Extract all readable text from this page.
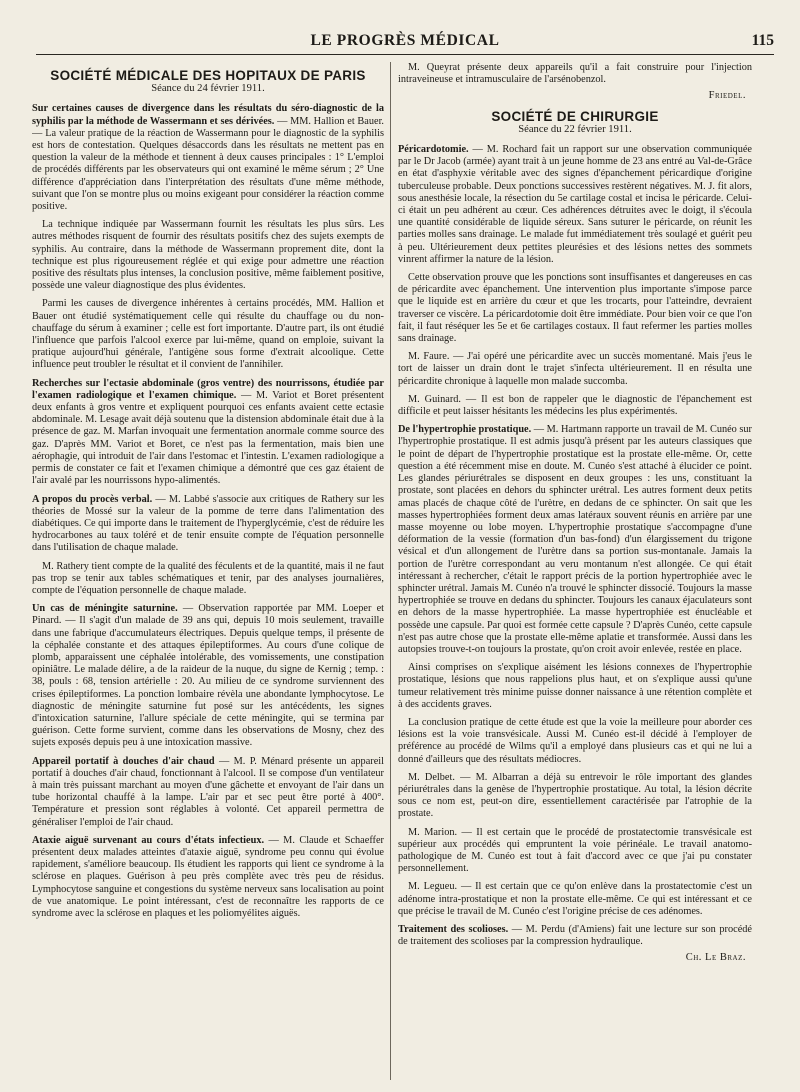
LE PROGRÈS MÉDICAL	115
SOCIÉTÉ MÉDICALE DES HOPITAUX DE PARIS
Séance du 24 février 1911.

Sur certaines causes de divergence dans les résultats du séro-diagnostic de la syphilis par la méthode de Wassermann et ses dérivées. — MM. Hallion et Bauer. — La valeur pratique de la réaction de Wassermann pour le diagnostic de la syphilis est hors de contestation. Quelques désaccords dans les résultats ne mettent pas en question la valeur de la méthode et tiennent à deux causes principales : 1° L'emploi de procédés différents par les observateurs qui ont examiné le même sérum ; 2° Une différence d'appréciation dans l'interprétation des résultats d'une même méthode, suivant que l'on se montre plus ou moins exigeant pour considérer la réaction comme positive.

La technique indiquée par Wassermann fournit les résultats les plus sûrs. Les autres méthodes risquent de fournir des résultats positifs chez des sujets exempts de syphilis. Au contraire, dans la méthode de Wassermann proprement dite, dont la technique est plus rigoureusement réglée et qui exige pour admettre une réaction positive des résultats plus intenses, la conclusion positive, même faiblement positive, possède une valeur diagnostique des plus évidentes.

Parmi les causes de divergence inhérentes à certains procédés, MM. Hallion et Bauer ont étudié systématiquement celle qui résulte du chauffage ou du non-chauffage du sérum à examiner ; celle est fort importante. D'autre part, ils ont étudié l'influence que parfois l'alcool exerce par lui-même, quand on emploie, suivant la pratique aujourd'hui générale, l'antigène sous forme d'extrait alcoolique. Cette influence peut troubler le résultat et il convient de l'annihiler.

Recherches sur l'ectasie abdominale (gros ventre) des nourrissons, étudiée par l'examen radiologique et l'examen chimique. — M. Variot et Boret présentent deux enfants à gros ventre et expliquent pourquoi ces enfants avaient cette ectasie abdominale. M. Lesage avait déjà soutenu que la distension abdominale était due à la présence de gaz. M. Marfan invoquait une fermentation anormale comme source des gaz. D'après MM. Variot et Boret, ce n'est pas la fermentation, mais bien une aérophagie, qui introduit de l'air dans l'estomac et l'intestin. L'examen radiologique a permis de constater ce fait et l'examen chimique a démontré que ces gaz étaient de l'air avalé par les nourrissons hypo-alimentés.

A propos du procès verbal. — M. Labbé s'associe aux critiques de Rathery sur les théories de Mossé sur la valeur de la pomme de terre dans l'alimentation des diabétiques. Ce qui importe dans le traitement de l'hyperglycémie, c'est de réduire les hydrocarbones au taux toléré et de tenir ensuite compte de l'équation personnelle dans l'utilisation de chaque malade.

M. Rathery tient compte de la qualité des féculents et de la quantité, mais il ne faut pas trop se tenir aux tables schématiques et tenir, par des analyses journalières, compte de l'équation personnelle de chaque malade.

Un cas de méningite saturnine. — Observation rapportée par MM. Loeper et Pinard. — Il s'agit d'un malade de 39 ans qui, depuis 10 mois seulement, travaille dans une fabrique d'accumulateurs électriques. Depuis quelque temps, il présente de la céphalée constante et des attaques épileptiformes. Au cours d'une colique de plomb, apparaissent une céphalée intolérable, des vomissements, une constipation opiniâtre. Le malade délire, a de la raideur de la nuque, du signe de Kernig ; temp. : 38, pouls : 68, tension artérielle : 20. Au milieu de ce syndrome surviennent des crises épileptiformes. La ponction lombaire révèla une abondante lymphocytose. Le diagnostic de méningite saturnine fut posé sur les antécédents, les signes d'intoxication saturnine, l'allure spéciale de cette méningite, qui se termina par guérison. Cette forme survient, comme dans les observations de Mosny, chez des sujets exposés depuis peu à une intoxication massive.

Appareil portatif à douches d'air chaud — M. P. Ménard présente un appareil portatif à douches d'air chaud, fonctionnant à l'alcool. Il se compose d'un ventilateur à main très puissant marchant au moyen d'une gâchette et envoyant de l'air dans un tube horizontal chauffé à la lampe. L'air par et sec peut être porté à 400°. Température et pression sont réglables à volonté. Cet appareil permettra de généraliser l'emploi de l'air chaud.

Ataxie aiguë survenant au cours d'états infectieux. — M. Claude et Schaeffer présentent deux malades atteintes d'ataxie aiguë, syndrome peu connu qui évolue rapidement, s'améliore beaucoup. Ils étudient les rapports qui lient ce syndrome à la sclérose en plaques. Guérison à peu près complète avec très peu de résidus. Lymphocytose sanguine et congestions du système nerveux sans localisation au point de vue anatomique. Le point intéressant, c'est de reconnaître les rapports de ce syndrome avec la sclérose en plaques et les poliomyélites aiguës.

M. Queyrat présente deux appareils qu'il a fait construire pour l'injection intraveineuse et intramusculaire de l'arsénobenzol.

Friedel.
SOCIÉTÉ DE CHIRURGIE
Séance du 22 février 1911.

Péricardotomie. — M. Rochard fait un rapport sur une observation communiquée par le Dr Jacob (armée) ayant trait à un jeune homme de 23 ans entré au Val-de-Grâce en état d'asphyxie véritable avec des signes d'épanchement péricardique d'origine tuberculeuse probable. Deux ponctions successives restèrent négatives. M. J. fit alors, sous anesthésie locale, la résection du 5e cartilage costal et incisa le péricarde. Celui-ci était un peu adhérent au cœur. Ces adhérences détruites avec le doigt, il s'écoula une quantité considérable de liquide séreux. Sans suturer le péricarde, on réunit les parties molles sans drainage. Le malade fut immédiatement très soulagé et guérit peu à peu. Ultérieurement deux pettites pleurésies et des lésions nettes des sommets vinrent affirmer la nature de la lésion.

Cette observation prouve que les ponctions sont insuffisantes et dangereuses en cas de péricardite avec épanchement. Une intervention plus importante s'impose parce que le liquide est en arrière du cœur et que les trocarts, pour l'atteindre, devraient traverser ce viscère. La péricardotomie doit être immédiate. Pour bien voir ce que l'on fait, il faut réséquer les 5e et 6e cartilages costaux. Il faut refermer les parties molles sans drainage.

M. Faure. — J'ai opéré une péricardite avec un succès momentané. Mais j'eus le tort de laisser un drain dont le trajet s'infecta ultérieurement. Il en résulta une péricardite chronique à laquelle mon malade succomba.

M. Guinard. — Il est bon de rappeler que le diagnostic de l'épanchement est difficile et peut laisser hésitants les médecins les plus expérimentés.

De l'hypertrophie prostatique. — M. Hartmann rapporte un travail de M. Cunéo sur l'hypertrophie prostatique. Il est admis jusqu'à présent par les auteurs classiques que le point de départ de l'hypertrophie prostatique est la prostate elle-même. Or, cette question a été récemment mise en doute. M. Cunéo s'est attaché à élucider ce point. Les glandes périurétrales se disposent en deux groupes : les uns, constituant la prostate, sont placées en dehors du sphincter urétral. Les autres forment deux petits amas placés de chaque côté de l'urètre, en dedans de ce sphincter. On sait que les masses hypertrophiées forment deux amas latéraux souvent réunis en arrière par une masse moyenne ou lobe moyen. L'hypertrophie prostatique s'accompagne d'une déformation de la vessie (formation d'un bas-fond) d'un élargissement du trigone vésical et d'un allongement de l'urètre dans sa portion sus-montanale. Jamais la portion de l'urètre correspondant au veru montanum n'est allongée. Ce qui était intéressant à rechercher, c'était le rapport précis de la portion hypertrophiée avec le sphincter urétral. Jamais M. Cunéo n'a trouvé le sphincter dissocié. Toujours la masse hypertrophiée se trouve en dedans du sphincter. Toujours les canaux éjaculateurs sont en dehors de la masse hypertrophiée. La masse hypertrophiée est énucléable et possède une capsule. Par quoi est formée cette capsule ? D'après Cunéo, cette capsule n'est pas autre chose que la prostate elle-même aplatie et transformée. Aussi dans les autopsies trouve-t-on toujours la prostate, qu'on croit avoir enlevée, restée en place.

Ainsi comprises on s'explique aisément les lésions connexes de l'hypertrophie prostatique, lésions que nous rappelions plus haut, et on s'explique aussi qu'une tumeur relativement très minime puisse donner naissance à une rétention complète et à des accidents graves.

La conclusion pratique de cette étude est que la voie la meilleure pour aborder ces lésions est la voie transvésicale. Aussi M. Cunéo est-il décidé à l'employer de préférence au procédé de Wilms qu'il a employé dans plusieurs cas et qui ne lui a donné d'ailleurs que des résultats médiocres.

M. Delbet. — M. Albarran a déjà su entrevoir le rôle important des glandes périurétrales dans la genèse de l'hypertrophie prostatique. Au total, la lésion décrite sous ce nom est, peut-on dire, essentiellement caractérisée par l'atrophie de la prostate.

M. Marion. — Il est certain que le procédé de prostatectomie transvésicale est supérieur aux procédés qui empruntent la voie périnéale. Le travail anatomo-pathologique de M. Cunéo est tout à fait d'accord avec ce que j'ai pu constater personnellement.

M. Legueu. — Il est certain que ce qu'on enlève dans la prostatectomie c'est un adénome intra-prostatique et non la prostate elle-même. Ce qui est intéressant et ce que précise le travail de M. Cunéo c'est l'origine précise de ces adénomes.

Traitement des scolioses. — M. Perdu (d'Amiens) fait une lecture sur son procédé de traitement des scolioses par la compression hydraulique.

Ch. Le Braz.
